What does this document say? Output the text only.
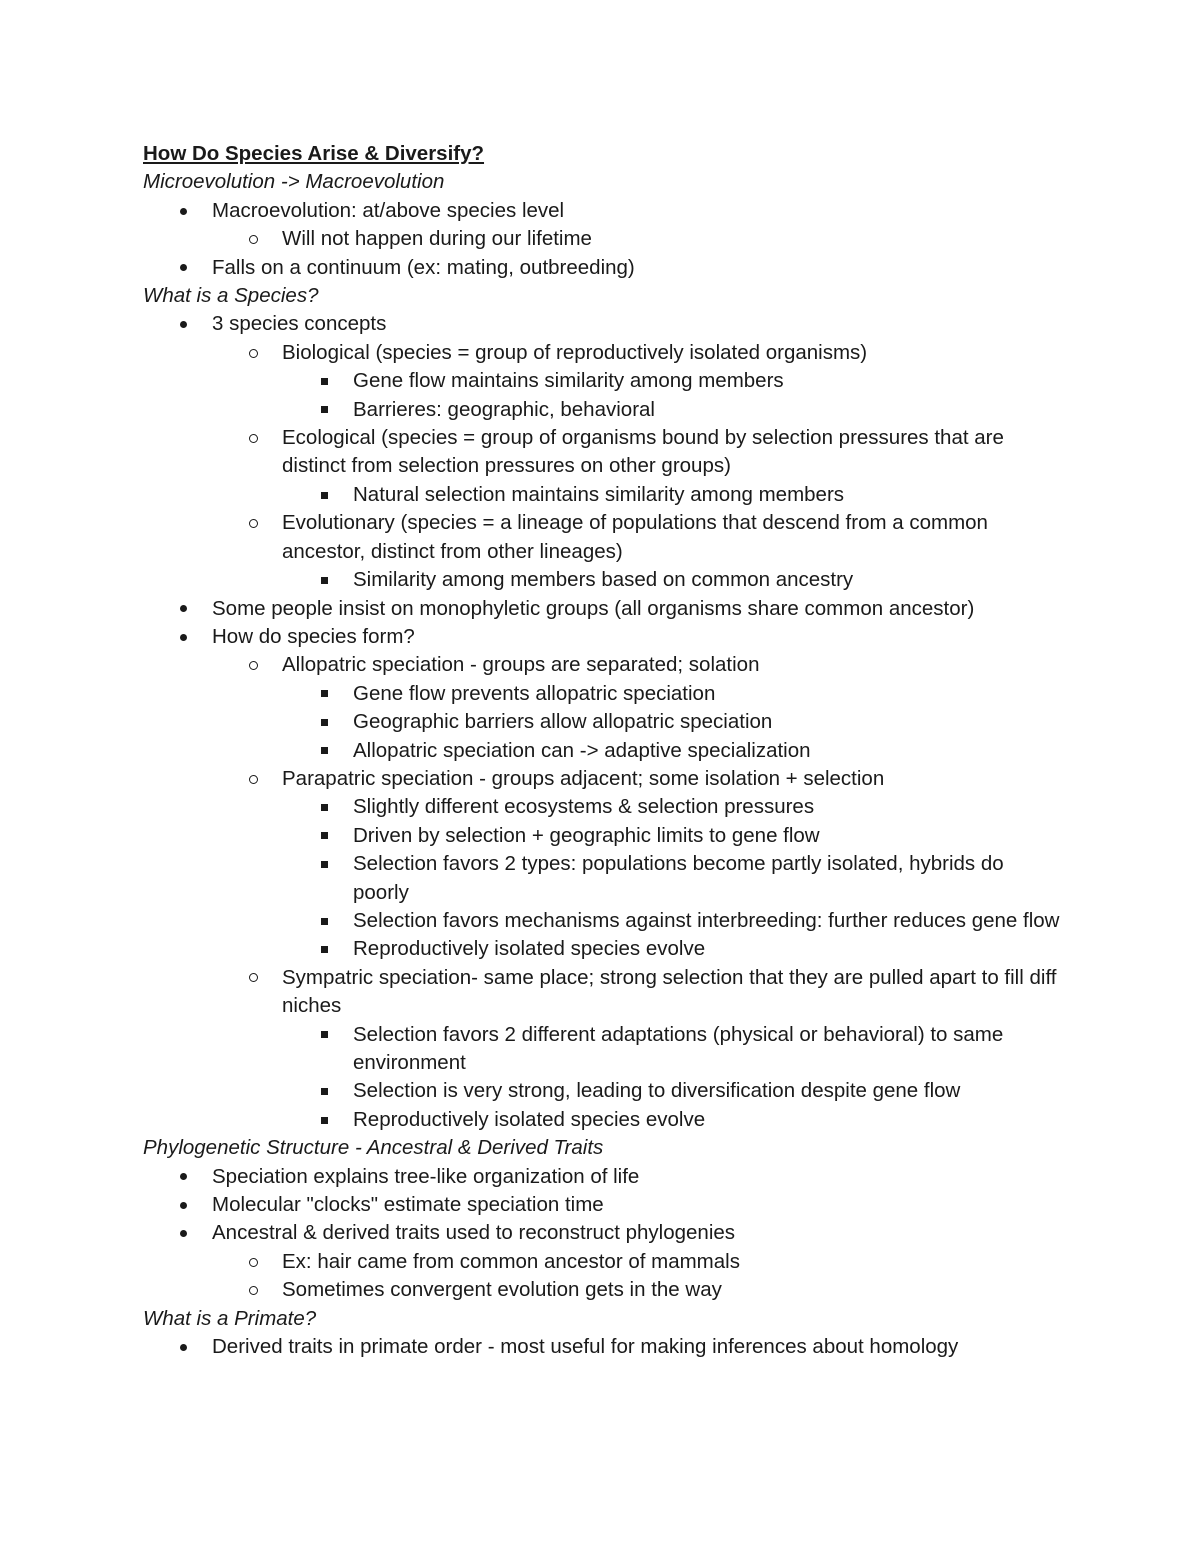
How Do Species Arise & Diversify?
Microevolution -> Macroevolution
Macroevolution: at/above species level
Will not happen during our lifetime
Falls on a continuum (ex: mating, outbreeding)
What is a Species?
3 species concepts
Biological (species = group of reproductively isolated organisms)
Gene flow maintains similarity among members
Barrieres: geographic, behavioral
Ecological (species = group of organisms bound by selection pressures that are distinct from selection pressures on other groups)
Natural selection maintains similarity among members
Evolutionary (species = a lineage of populations that descend from a common ancestor, distinct from other lineages)
Similarity among members based on common ancestry
Some people insist on monophyletic groups (all organisms share common ancestor)
How do species form?
Allopatric speciation - groups are separated; solation
Gene flow prevents allopatric speciation
Geographic barriers allow allopatric speciation
Allopatric speciation can -> adaptive specialization
Parapatric speciation - groups adjacent; some isolation + selection
Slightly different ecosystems & selection pressures
Driven by selection + geographic limits to gene flow
Selection favors 2 types: populations become partly isolated, hybrids do poorly
Selection favors mechanisms against interbreeding: further reduces gene flow
Reproductively isolated species evolve
Sympatric speciation- same place; strong selection that they are pulled apart to fill diff niches
Selection favors 2 different adaptations (physical or behavioral) to same environment
Selection is very strong, leading to diversification despite gene flow
Reproductively isolated species evolve
Phylogenetic Structure - Ancestral & Derived Traits
Speciation explains tree-like organization of life
Molecular "clocks" estimate speciation time
Ancestral & derived traits used to reconstruct phylogenies
Ex: hair came from common ancestor of mammals
Sometimes convergent evolution gets in the way
What is a Primate?
Derived traits in primate order - most useful for making inferences about homology
